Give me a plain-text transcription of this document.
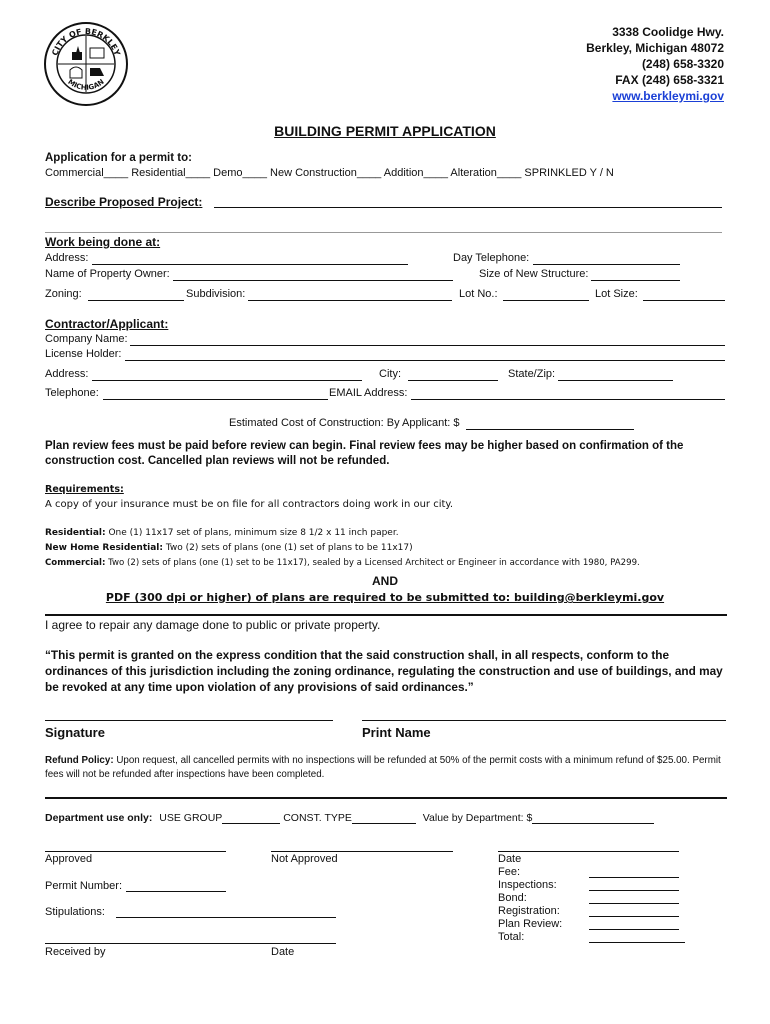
CITY OF BERKLEY
MICHIGAN
3338 Coolidge Hwy.
Berkley, Michigan 48072
(248) 658-3320
FAX (248) 658-3321
www.berkleymi.gov
BUILDING PERMIT APPLICATION
Application for a permit to:
Commercial____ Residential____ Demo____ New Construction____ Addition____ Alteration____ SPRINKLED Y / N
Describe Proposed Project:
Work being done at:
Address:	Day Telephone:
Name of Property Owner:	Size of New Structure:
Zoning:	Subdivision:	Lot No.:	Lot Size:
Contractor/Applicant:
Company Name:
License Holder:
Address:	City:	State/Zip:
Telephone:	EMAIL Address:
Estimated Cost of Construction: By Applicant: $
Plan review fees must be paid before review can begin. Final review fees may be higher based on confirmation of the construction cost. Cancelled plan reviews will not be refunded.
Requirements:
A copy of your insurance must be on file for all contractors doing work in our city.
Residential: One (1) 11x17 set of plans, minimum size 8 1/2 x 11 inch paper.
New Home Residential: Two (2) sets of plans (one (1) set of plans to be 11x17)
Commercial: Two (2) sets of plans (one (1) set to be 11x17), sealed by a Licensed Architect or Engineer in accordance with 1980, PA299.
AND
PDF (300 dpi or higher) of plans are required to be submitted to: building@berkleymi.gov
I agree to repair any damage done to public or private property.
“This permit is granted on the express condition that the said construction shall, in all respects, conform to the ordinances of this jurisdiction including the zoning ordinance, regulating the construction and use of buildings, and may be revoked at any time upon violation of any provisions of said ordinances.”
Signature	Print Name
Refund Policy: Upon request, all cancelled permits with no inspections will be refunded at 50% of the permit costs with a minimum refund of $25.00. Permit fees will not be refunded after inspections have been completed.
Department use only: USE GROUP	CONST. TYPE	Value by Department: $
Approved	Not Approved
Permit Number:
Stipulations:
Received by	Date
Date
Fee:
Inspections:
Bond:
Registration:
Plan Review:
Total:
